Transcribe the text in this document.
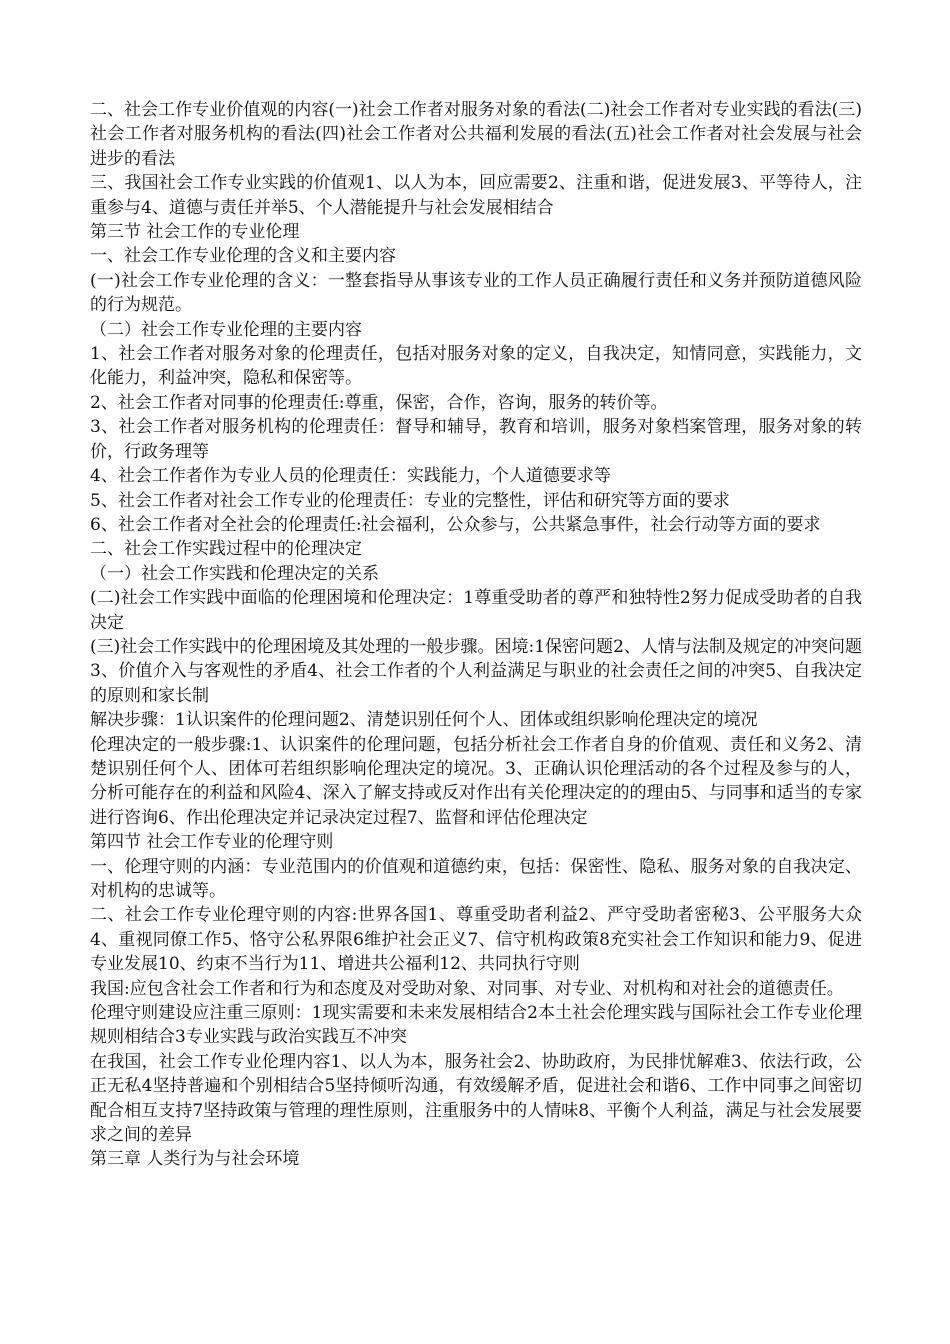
二、社会工作专业价值观的内容(一)社会工作者对服务对象的看法(二)社会工作者对专业实践的看法(三)社会工作者对服务机构的看法(四)社会工作者对公共福利发展的看法(五)社会工作者对社会发展与社会进步的看法

三、我国社会工作专业实践的价值观1、以人为本，回应需要2、注重和谐，促进发展3、平等待人，注重参与4、道德与责任并举5、个人潜能提升与社会发展相结合

第三节 社会工作的专业伦理

一、社会工作专业伦理的含义和主要内容

(一)社会工作专业伦理的含义：一整套指导从事该专业的工作人员正确履行责任和义务并预防道德风险的行为规范。

（二）社会工作专业伦理的主要内容

1、社会工作者对服务对象的伦理责任，包括对服务对象的定义，自我决定，知情同意，实践能力，文化能力，利益冲突，隐私和保密等。

2、社会工作者对同事的伦理责任:尊重，保密，合作，咨询，服务的转价等。

3、社会工作者对服务机构的伦理责任：督导和辅导，教育和培训，服务对象档案管理，服务对象的转价，行政务理等

4、社会工作者作为专业人员的伦理责任：实践能力，个人道德要求等

5、社会工作者对社会工作专业的伦理责任：专业的完整性，评估和研究等方面的要求

6、社会工作者对全社会的伦理责任:社会福利，公众参与，公共紧急事件，社会行动等方面的要求

二、社会工作实践过程中的伦理决定

（一）社会工作实践和伦理决定的关系

(二)社会工作实践中面临的伦理困境和伦理决定：1尊重受助者的尊严和独特性2努力促成受助者的自我决定

(三)社会工作实践中的伦理困境及其处理的一般步骤。困境:1保密问题2、人情与法制及规定的冲突问题3、价值介入与客观性的矛盾4、社会工作者的个人利益满足与职业的社会责任之间的冲突5、自我决定的原则和家长制

解决步骤：1认识案件的伦理问题2、清楚识别任何个人、团体或组织影响伦理决定的境况

伦理决定的一般步骤:1、认识案件的伦理问题，包括分析社会工作者自身的价值观、责任和义务2、清楚识别任何个人、团体可若组织影响伦理决定的境况。3、正确认识伦理活动的各个过程及参与的人，分析可能存在的利益和风险4、深入了解支持或反对作出有关伦理决定的的理由5、与同事和适当的专家进行咨询6、作出伦理决定并记录决定过程7、监督和评估伦理决定

第四节 社会工作专业的伦理守则

一、伦理守则的内涵：专业范围内的价值观和道德约束，包括：保密性、隐私、服务对象的自我决定、对机构的忠诚等。

二、社会工作专业伦理守则的内容:世界各国1、尊重受助者利益2、严守受助者密秘3、公平服务大众4、重视同僚工作5、恪守公私界限6维护社会正义7、信守机构政策8充实社会工作知识和能力9、促进专业发展10、约束不当行为11、增进共公福利12、共同执行守则

我国:应包含社会工作者和行为和态度及对受助对象、对同事、对专业、对机构和对社会的道德责任。

伦理守则建设应注重三原则：1现实需要和未来发展相结合2本土社会伦理实践与国际社会工作专业伦理规则相结合3专业实践与政治实践互不冲突

在我国，社会工作专业伦理内容1、以人为本，服务社会2、协助政府，为民排忧解难3、依法行政，公正无私4坚持普遍和个别相结合5坚持倾听沟通，有效缓解矛盾，促进社会和谐6、工作中同事之间密切配合相互支持7坚持政策与管理的理性原则，注重服务中的人情味8、平衡个人利益，满足与社会发展要求之间的差异

第三章 人类行为与社会环境
